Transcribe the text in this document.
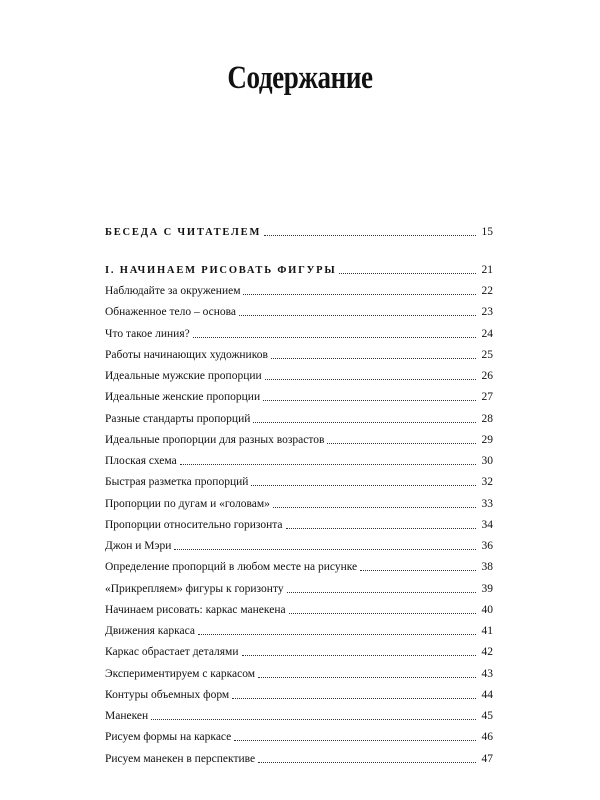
Содержание
БЕСЕДА С ЧИТАТЕЛЕМ	15
I. НАЧИНАЕМ РИСОВАТЬ ФИГУРЫ	21
Наблюдайте за окружением	22
Обнаженное тело – основа	23
Что такое линия?	24
Работы начинающих художников	25
Идеальные мужские пропорции	26
Идеальные женские пропорции	27
Разные стандарты пропорций	28
Идеальные пропорции для разных возрастов	29
Плоская схема	30
Быстрая разметка пропорций	32
Пропорции по дугам и «головам»	33
Пропорции относительно горизонта	34
Джон и Мэри	36
Определение пропорций в любом месте на рисунке	38
«Прикрепляем» фигуры к горизонту	39
Начинаем рисовать: каркас манекена	40
Движения каркаса	41
Каркас обрастает деталями	42
Экспериментируем с каркасом	43
Контуры объемных форм	44
Манекен	45
Рисуем формы на каркасе	46
Рисуем манекен в перспективе	47
